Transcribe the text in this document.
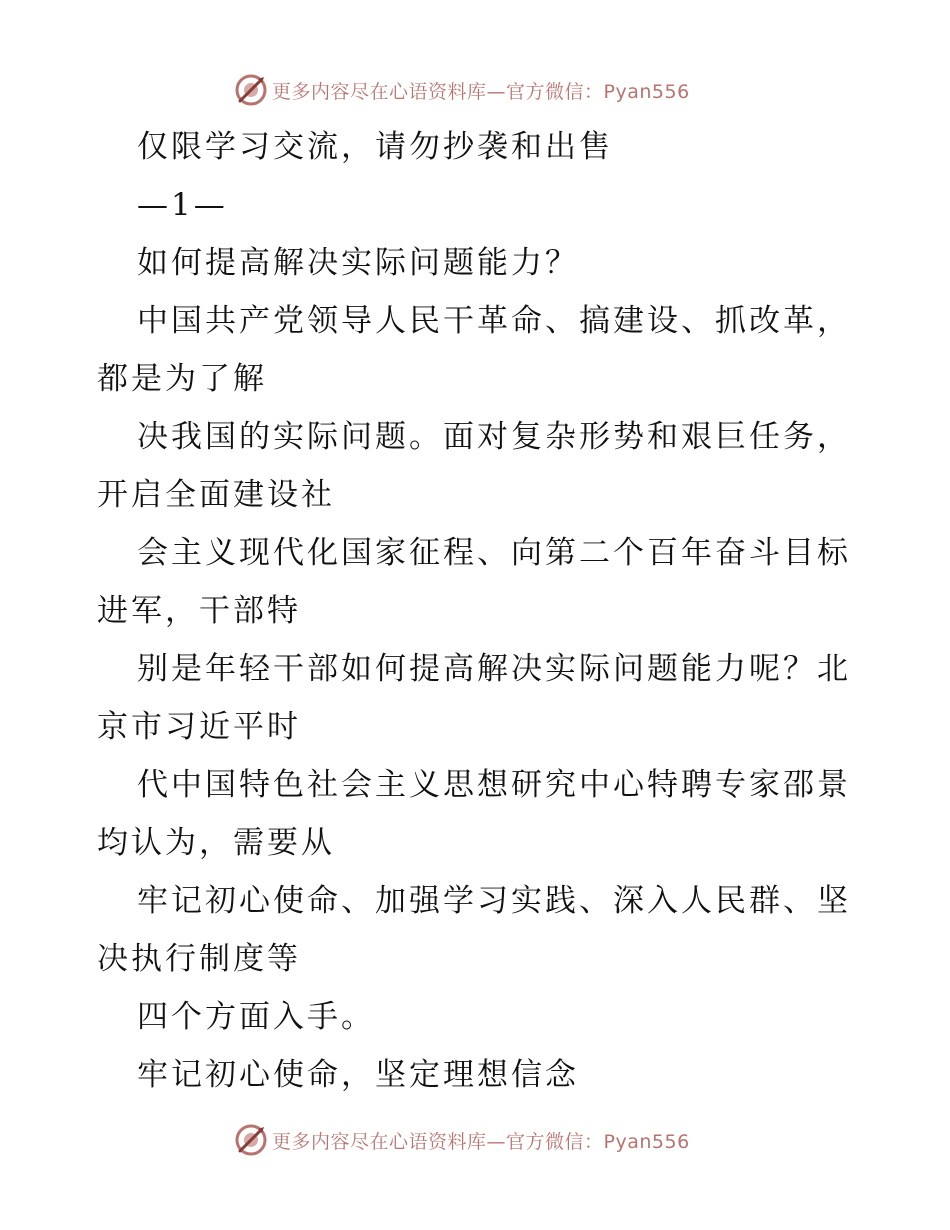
更多内容尽在心语资料库—官方微信：Pyan556

仅限学习交流，请勿抄袭和出售

—1—

如何提高解决实际问题能力？

中国共产党领导人民干革命、搞建设、抓改革，
都是为了解

决我国的实际问题。面对复杂形势和艰巨任务，
开启全面建设社

会主义现代化国家征程、向第二个百年奋斗目标
进军，干部特

别是年轻干部如何提高解决实际问题能力呢？北
京市习近平时

代中国特色社会主义思想研究中心特聘专家邵景
均认为，需要从

牢记初心使命、加强学习实践、深入人民群、坚
决执行制度等

四个方面入手。

牢记初心使命，坚定理想信念

更多内容尽在心语资料库—官方微信：Pyan556
